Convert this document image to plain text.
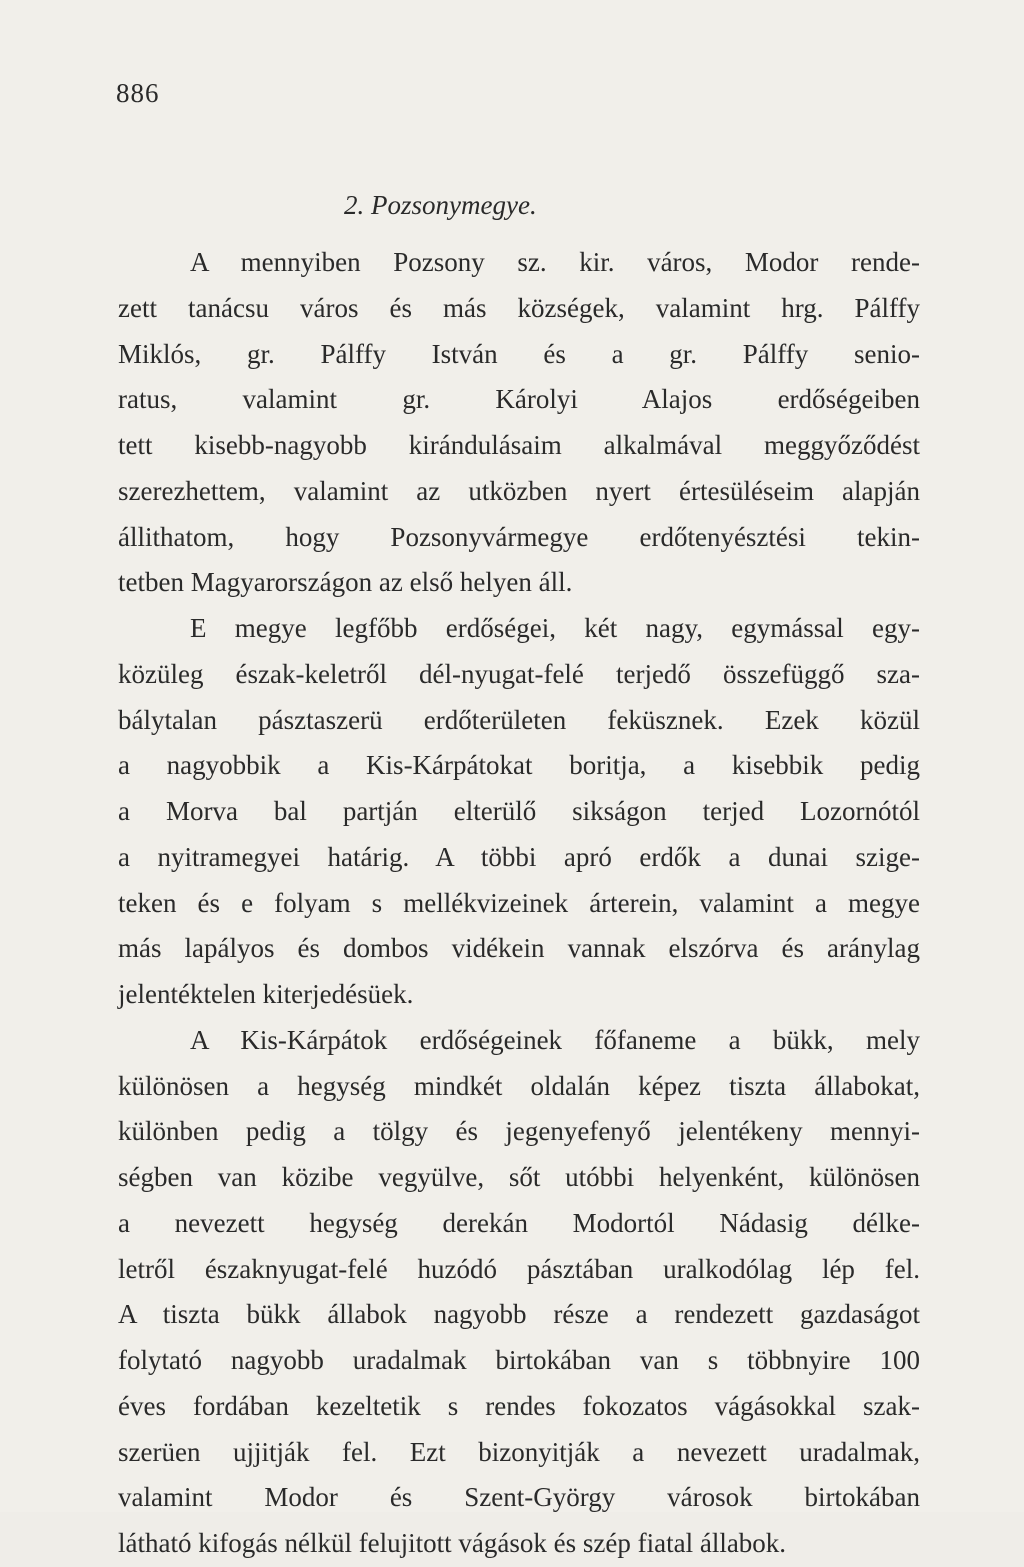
886
2. Pozsonymegye.

A mennyiben Pozsony sz. kir. város, Modor rende-
zett tanácsu város és más községek, valamint hrg. Pálffy
Miklós, gr. Pálffy István és a gr. Pálffy senio-
ratus, valamint gr. Károlyi Alajos erdőségeiben
tett kisebb-nagyobb kirándulásaim alkalmával meggyőződést
szerezhettem, valamint az utközben nyert értesüléseim alapján
állithatom, hogy Pozsonyvármegye erdőtenyésztési tekin-
tetben Magyarországon az első helyen áll.

E megye legfőbb erdőségei, két nagy, egymással egy-
közüleg észak-keletről dél-nyugat-felé terjedő összefüggő sza-
bálytalan pásztaszerü erdőterületen feküsznek. Ezek közül
a nagyobbik a Kis-Kárpátokat boritja, a kisebbik pedig
a Morva bal partján elterülő sikságon terjed Lozornótól
a nyitramegyei határig. A többi apró erdők a dunai szige-
teken és e folyam s mellékvizeinek árterein, valamint a megye
más lapályos és dombos vidékein vannak elszórva és aránylag
jelentéktelen kiterjedésüek.

A Kis-Kárpátok erdőségeinek főfaneme a bükk, mely
különösen a hegység mindkét oldalán képez tiszta állabokat,
különben pedig a tölgy és jegenyefenyő jelentékeny mennyi-
ségben van közibe vegyülve, sőt utóbbi helyenként, különösen
a nevezett hegység derekán Modortól Nádasig délke-
letről északnyugat-felé huzódó pásztában uralkodólag lép fel.
A tiszta bükk állabok nagyobb része a rendezett gazdaságot
folytató nagyobb uradalmak birtokában van s többnyire 100
éves fordában kezeltetik s rendes fokozatos vágásokkal szak-
szerüen ujjitják fel. Ezt bizonyitják a nevezett uradalmak,
valamint Modor és Szent-György városok birtokában
látható kifogás nélkül felujitott vágások és szép fiatal állabok.
